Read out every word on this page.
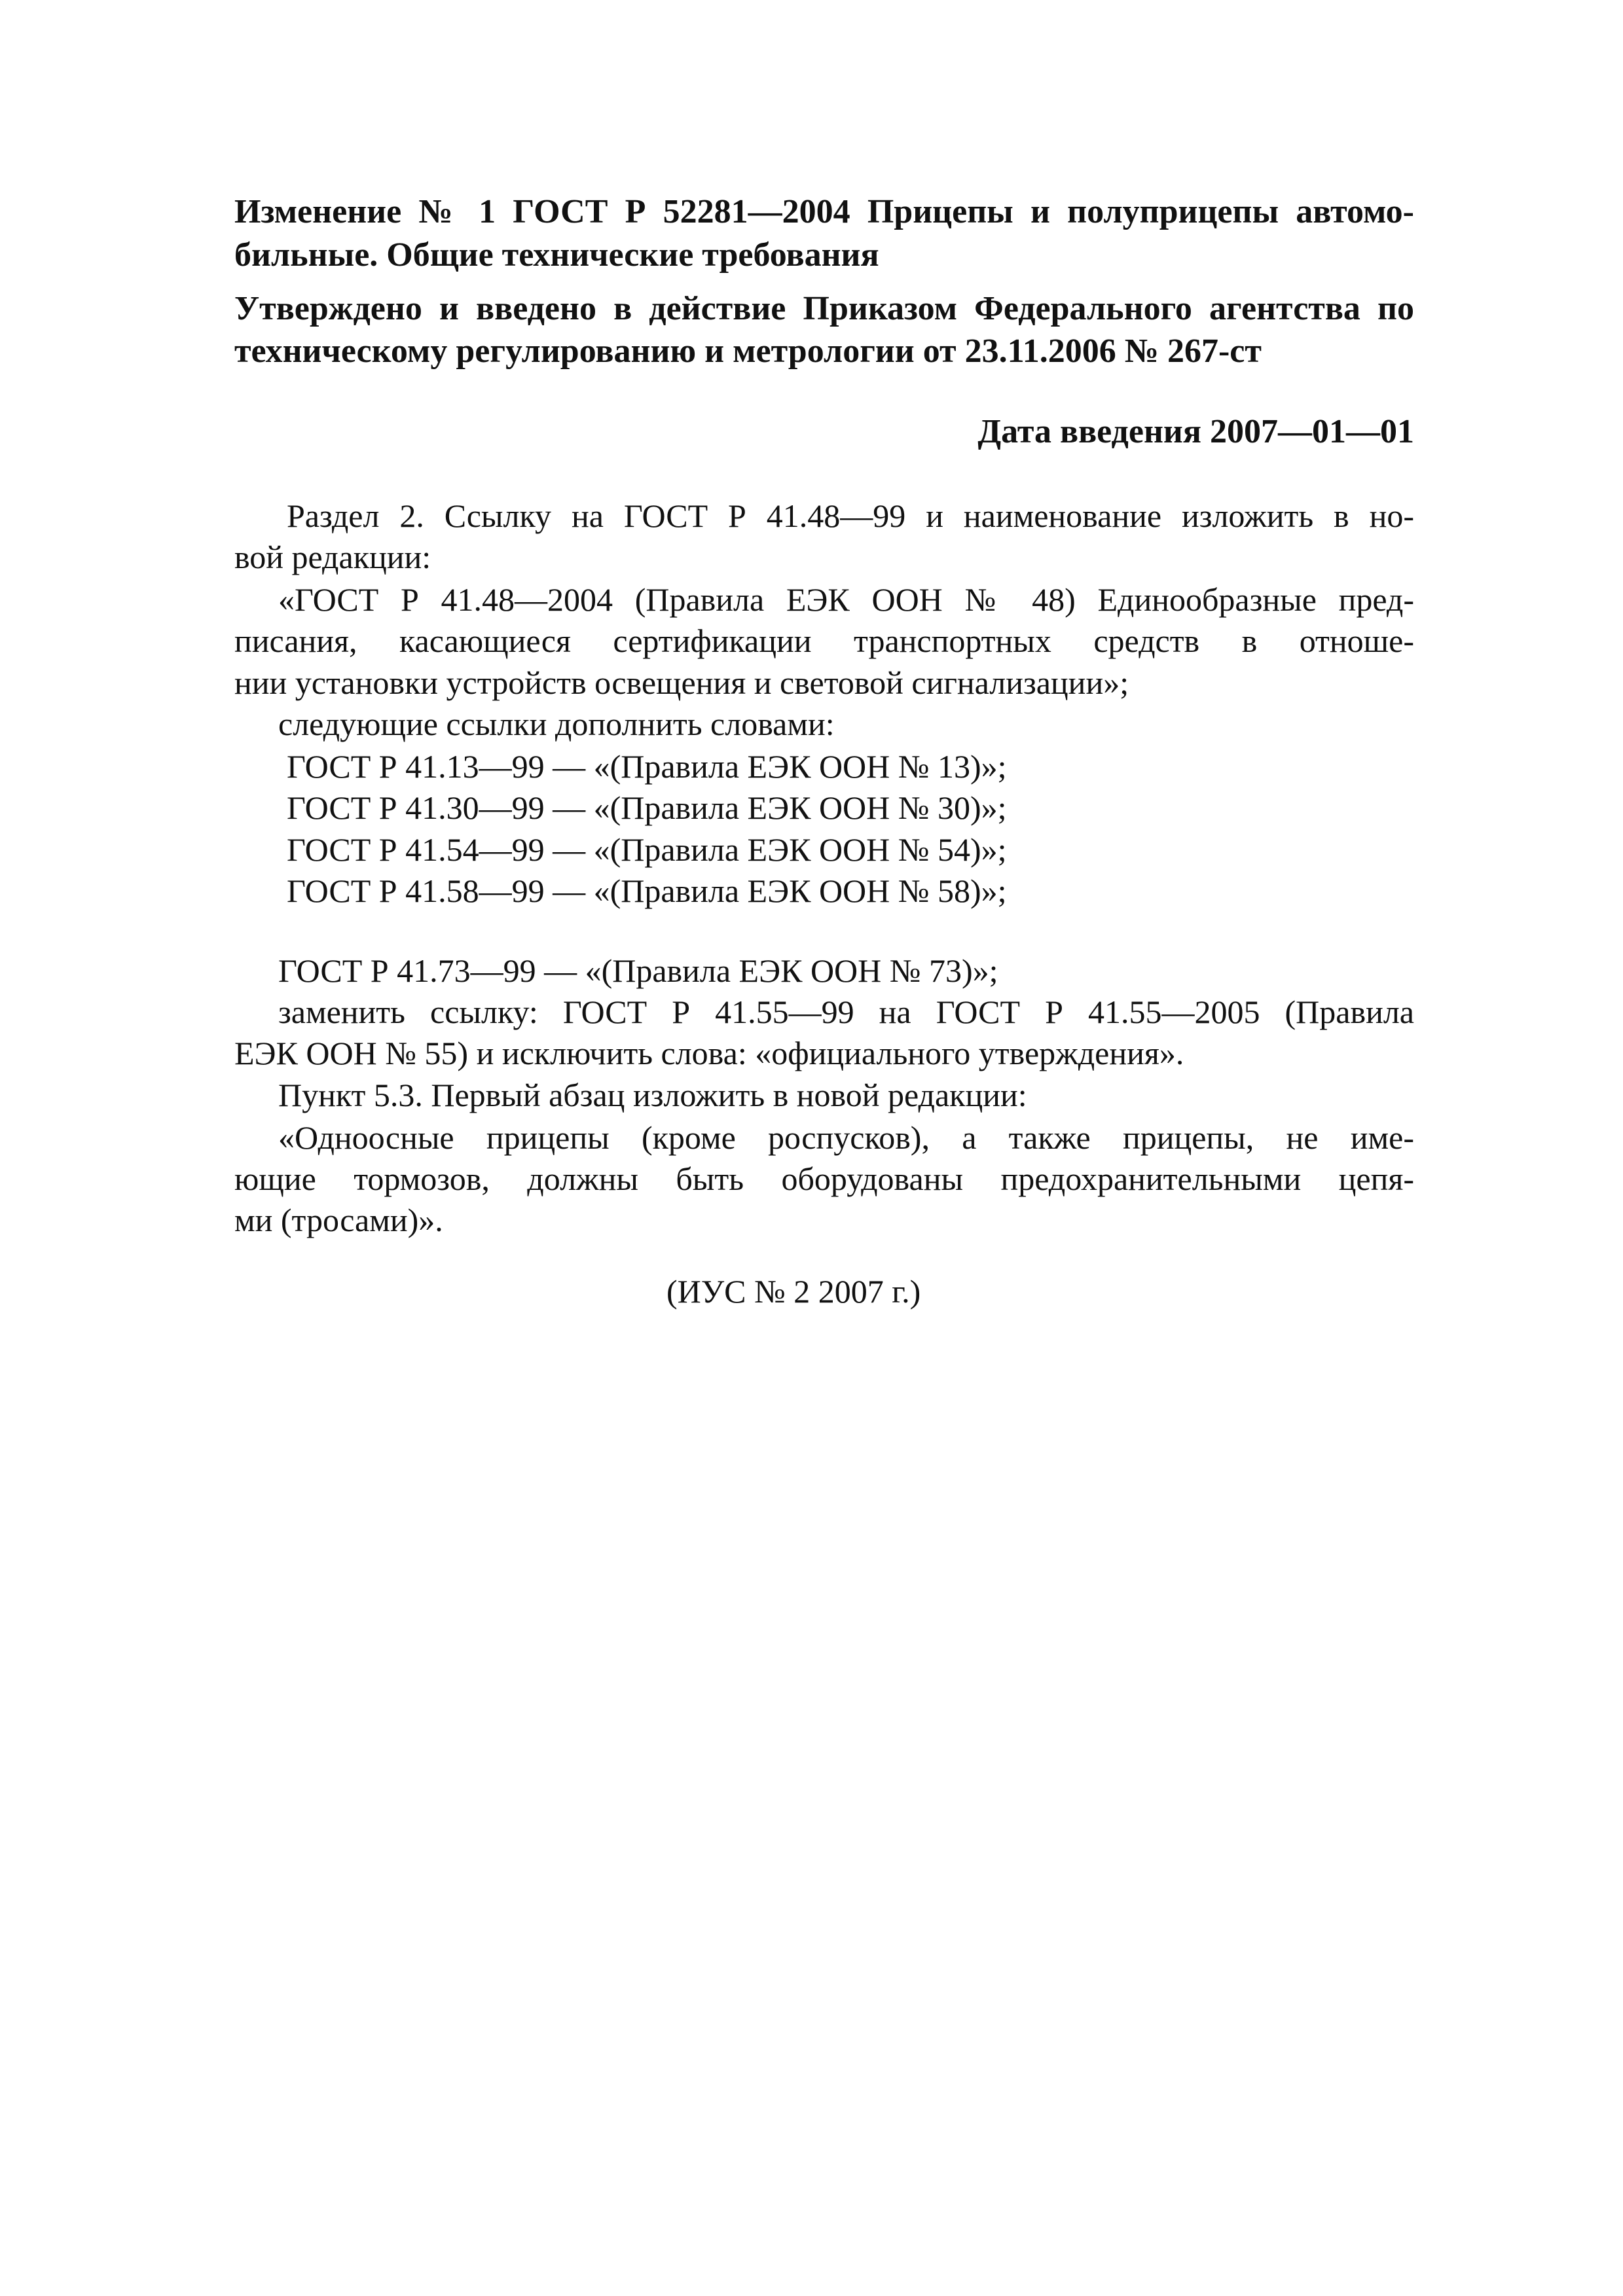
Изменение № 1 ГОСТ Р 52281—2004 Прицепы и полуприцепы автомо-
бильные. Общие технические требования
Утверждено и введено в действие Приказом Федерального агентства по
техническому регулированию и метрологии от 23.11.2006 № 267-ст
Дата введения 2007—01—01
Раздел 2. Ссылку на ГОСТ Р 41.48—99 и наименование изложить в но-
вой редакции:
«ГОСТ Р 41.48—2004 (Правила ЕЭК ООН № 48) Единообразные пред-
писания, касающиеся сертификации транспортных средств в отноше-
нии установки устройств освещения и световой сигнализации»;
следующие ссылки дополнить словами:
ГОСТ Р 41.13—99 — «(Правила ЕЭК ООН № 13)»;
ГОСТ Р 41.30—99 — «(Правила ЕЭК ООН № 30)»;
ГОСТ Р 41.54—99 — «(Правила ЕЭК ООН № 54)»;
ГОСТ Р 41.58—99 — «(Правила ЕЭК ООН № 58)»;
ГОСТ Р 41.73—99 — «(Правила ЕЭК ООН № 73)»;
заменить ссылку: ГОСТ Р 41.55—99 на ГОСТ Р 41.55—2005 (Правила
ЕЭК ООН № 55) и исключить слова: «официального утверждения».
Пункт 5.3. Первый абзац изложить в новой редакции:
«Одноосные прицепы (кроме роспусков), а также прицепы, не име-
ющие тормозов, должны быть оборудованы предохранительными цепя-
ми (тросами)».
(ИУС № 2 2007 г.)
